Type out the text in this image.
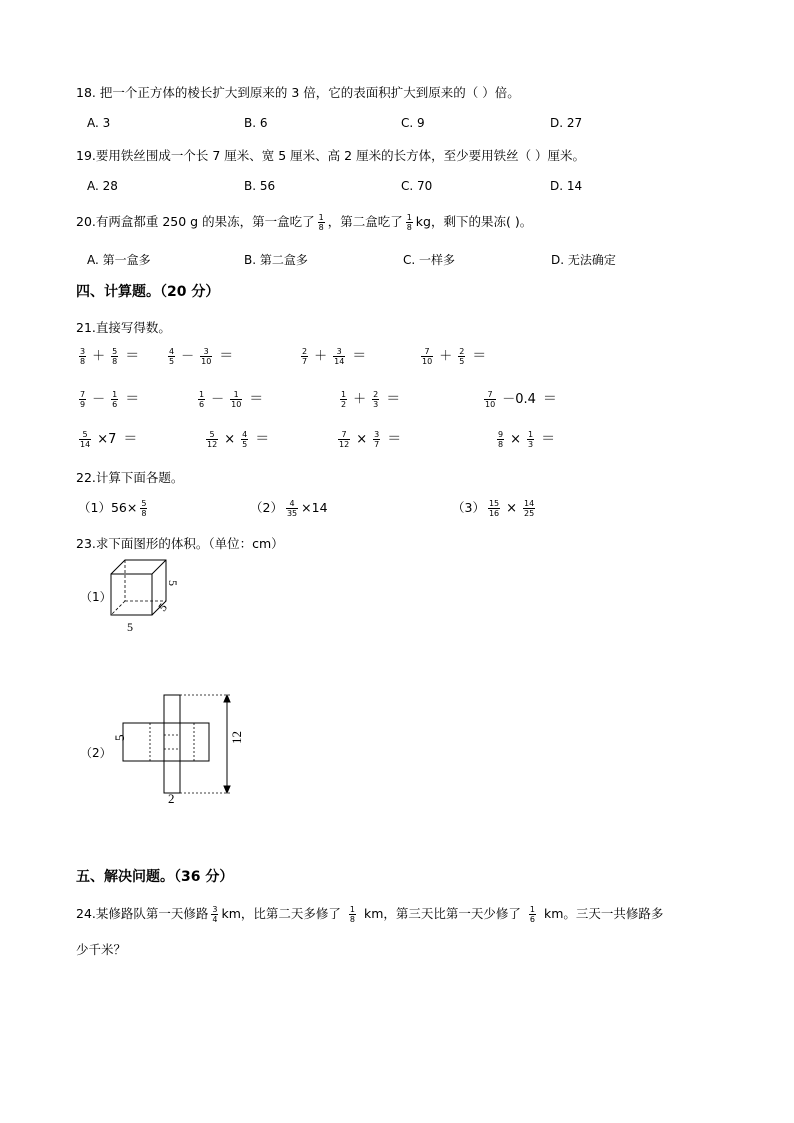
18. 把一个正方体的棱长扩大到原来的 3 倍，它的表面积扩大到原来的（ ）倍。
A. 3	B. 6	C. 9	D. 27
19.要用铁丝围成一个长 7 厘米、宽 5 厘米、高 2 厘米的长方体，至少要用铁丝（ ）厘米。
A. 28	B. 56	C. 70	D. 14
20.有两盒都重 250 g 的果冻，第一盒吃了 $\frac{1}{8}$ ，第二盒吃了 $\frac{1}{8}$ kg，剩下的果冻( )。
A. 第一盒多	B. 第二盒多	C. 一样多	D. 无法确定
四、计算题。（20 分）
21.直接写得数。
$\frac{3}{8} + \frac{5}{8}$ ＝	$\frac{4}{5} - \frac{3}{10}$ ＝	$\frac{2}{7} + \frac{3}{14}$ ＝	$\frac{7}{10} + \frac{2}{5}$ ＝
$\frac{7}{9} - \frac{1}{6}$ ＝	$\frac{1}{6} - \frac{1}{10}$ ＝	$\frac{1}{2} + \frac{2}{3}$ ＝	$\frac{7}{10} -0.4$ ＝
$\frac{5}{14} \times 7$ ＝	$\frac{5}{12} \times \frac{4}{5}$ ＝	$\frac{7}{12} \times \frac{3}{7}$ ＝	$\frac{9}{8} \times \frac{1}{3}$ ＝
22.计算下面各题。
$(1)56\times \frac{5}{8}$	$(2) \frac{4}{35} \times 14$	$(3) \frac{15}{16} \times \frac{14}{25}$
23.求下面图形的体积。（单位：cm）
（1）
5
5
5
（2）
5	12
2
五、解决问题。（36 分）
24.某修路队第一天修路 $\frac{3}{4}$ km，比第二天多修了 $\frac{1}{8}$ km，第三天比第一天少修了 $\frac{1}{6}$ km。三天一共修路多
少千米？
